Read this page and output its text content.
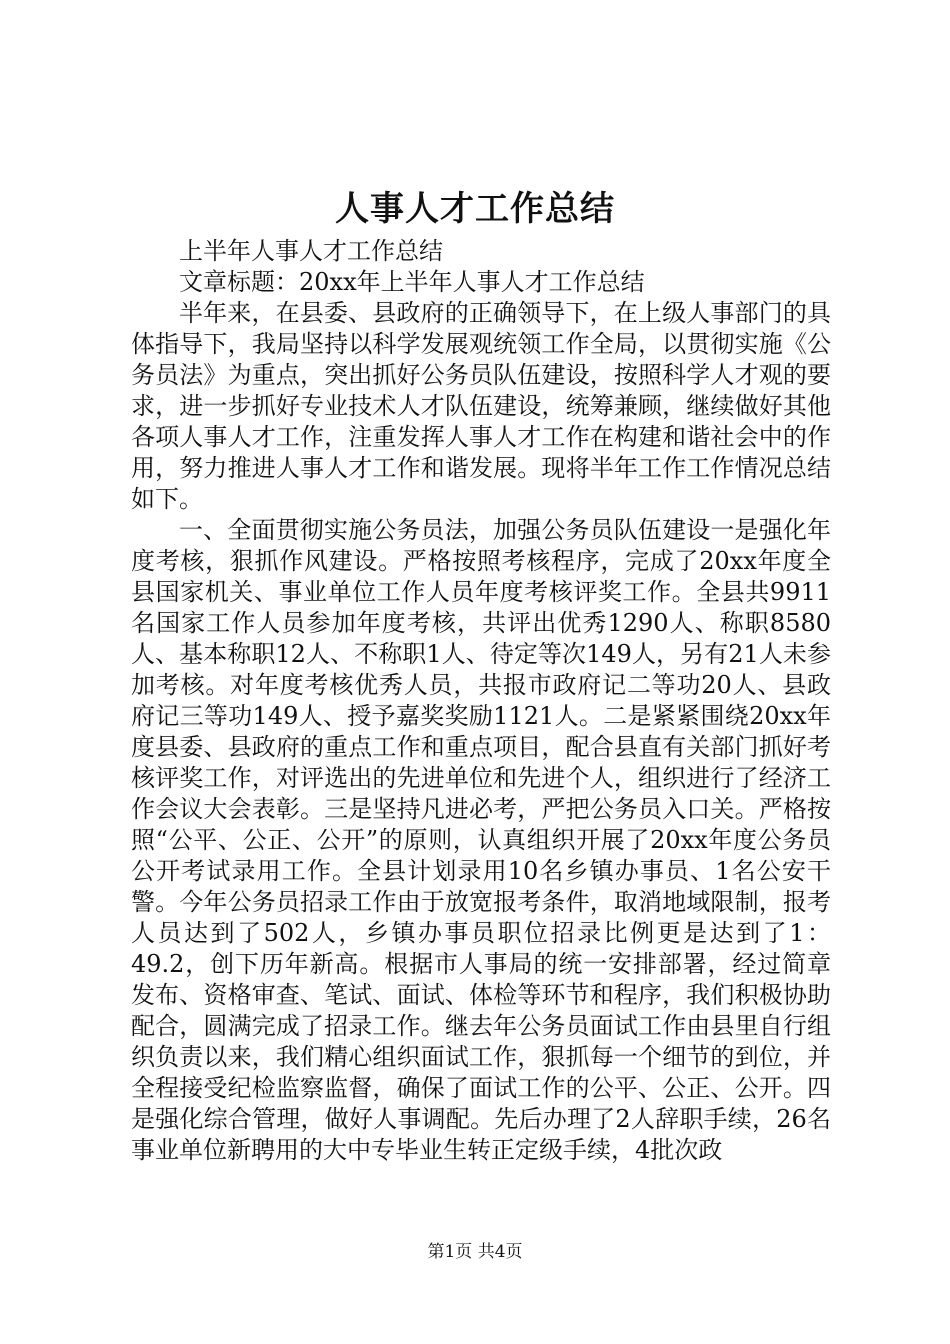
人事人才工作总结

上半年人事人才工作总结

文章标题：20xx年上半年人事人才工作总结

半年来，在县委、县政府的正确领导下，在上级人事部门的具体指导下，我局坚持以科学发展观统领工作全局，以贯彻实施《公务员法》为重点，突出抓好公务员队伍建设，按照科学人才观的要求，进一步抓好专业技术人才队伍建设，统筹兼顾，继续做好其他各项人事人才工作，注重发挥人事人才工作在构建和谐社会中的作用，努力推进人事人才工作和谐发展。现将半年工作工作情况总结如下。

一、全面贯彻实施公务员法，加强公务员队伍建设一是强化年度考核，狠抓作风建设。严格按照考核程序，完成了20xx年度全县国家机关、事业单位工作人员年度考核评奖工作。全县共9911名国家工作人员参加年度考核，共评出优秀1290人、称职8580人、基本称职12人、不称职1人、待定等次149人，另有21人未参加考核。对年度考核优秀人员，共报市政府记二等功20人、县政府记三等功149人、授予嘉奖奖励1121人。二是紧紧围绕20xx年度县委、县政府的重点工作和重点项目，配合县直有关部门抓好考核评奖工作，对评选出的先进单位和先进个人，组织进行了经济工作会议大会表彰。三是坚持凡进必考，严把公务员入口关。严格按照“公平、公正、公开”的原则，认真组织开展了20xx年度公务员公开考试录用工作。全县计划录用10名乡镇办事员、1名公安干警。今年公务员招录工作由于放宽报考条件，取消地域限制，报考人员达到了502人，乡镇办事员职位招录比例更是达到了1：49.2，创下历年新高。根据市人事局的统一安排部署，经过简章发布、资格审查、笔试、面试、体检等环节和程序，我们积极协助配合，圆满完成了招录工作。继去年公务员面试工作由县里自行组织负责以来，我们精心组织面试工作，狠抓每一个细节的到位，并全程接受纪检监察监督，确保了面试工作的公平、公正、公开。四是强化综合管理，做好人事调配。先后办理了2人辞职手续，26名事业单位新聘用的大中专毕业生转正定级手续，4批次政

第1页 共4页
